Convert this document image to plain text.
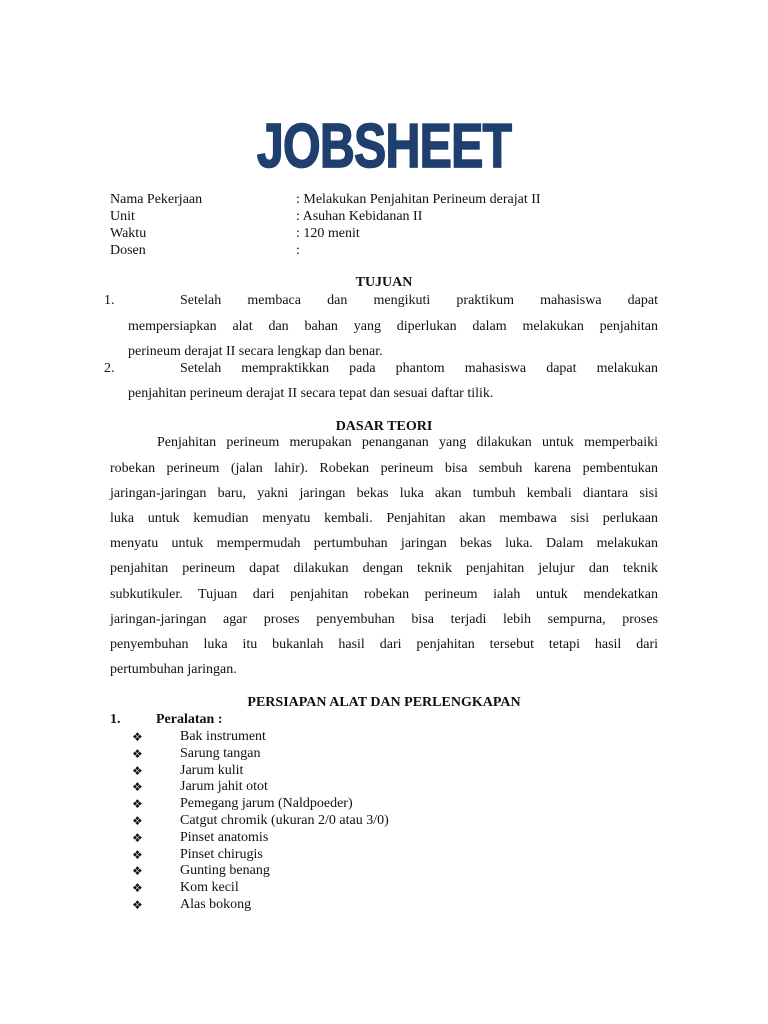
JOBSHEET
Nama Pekerjaan	: Melakukan Penjahitan Perineum derajat II
Unit	: Asuhan Kebidanan II
Waktu	: 120 menit
Dosen	:
TUJUAN
1.	Setelah membaca dan mengikuti praktikum mahasiswa dapat
mempersiapkan alat dan bahan yang diperlukan dalam melakukan penjahitan
perineum derajat II secara lengkap dan benar.
2.	Setelah mempraktikkan pada phantom mahasiswa dapat melakukan
penjahitan perineum derajat II secara tepat dan sesuai daftar tilik.
DASAR TEORI
Penjahitan perineum merupakan penanganan yang dilakukan untuk memperbaiki
robekan perineum (jalan lahir). Robekan perineum bisa sembuh karena pembentukan
jaringan-jaringan baru, yakni jaringan bekas luka akan tumbuh kembali diantara sisi
luka untuk kemudian menyatu kembali. Penjahitan akan membawa sisi perlukaan
menyatu untuk mempermudah pertumbuhan jaringan bekas luka. Dalam melakukan
penjahitan perineum dapat dilakukan dengan teknik penjahitan jelujur dan teknik
subkutikuler. Tujuan dari penjahitan robekan perineum ialah untuk mendekatkan
jaringan-jaringan agar proses penyembuhan bisa terjadi lebih sempurna, proses
penyembuhan luka itu bukanlah hasil dari penjahitan tersebut tetapi hasil dari
pertumbuhan jaringan.
PERSIAPAN ALAT DAN PERLENGKAPAN
1.	Peralatan :
❖	Bak instrument
❖	Sarung tangan
❖	Jarum kulit
❖	Jarum jahit otot
❖	Pemegang jarum (Naldpoeder)
❖	Catgut chromik (ukuran 2/0 atau 3/0)
❖	Pinset anatomis
❖	Pinset chirugis
❖	Gunting benang
❖	Kom kecil
❖	Alas bokong
